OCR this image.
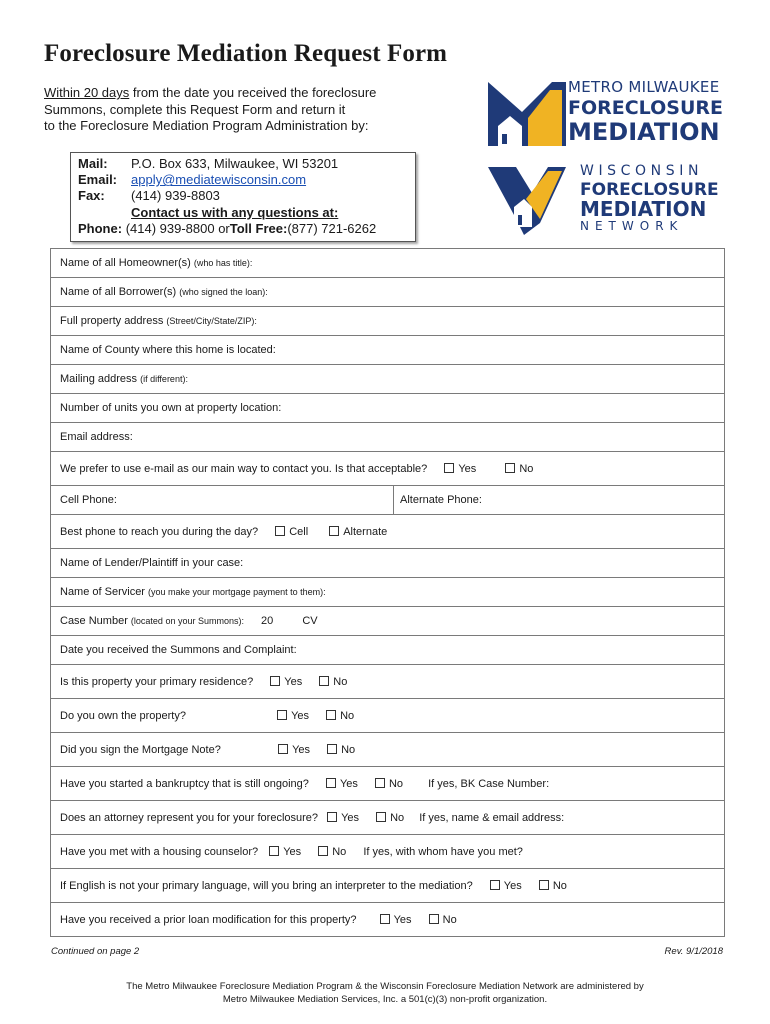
Foreclosure Mediation Request Form
Within 20 days from the date you received the foreclosure
Summons, complete this Request Form and return it
to the Foreclosure Mediation Program Administration by:
Mail:	P.O. Box 633, Milwaukee, WI 53201
Email:	apply@mediatewisconsin.com
Fax:	(414) 939-8803
Contact us with any questions at:
Phone:
(414) 939-8800 or Toll Free: (877) 721-6262
METRO MILWAUKEE
FORECLOSURE
MEDIATION
WISCONSIN
FORECLOSURE
MEDIATION
NETWORK
Name of all Homeowner(s) (who has title):
Name of all Borrower(s) (who signed the loan):
Full property address (Street/City/State/ZIP):
Name of County where this home is located:
Mailing address (if different):
Number of units you own at property location:
Email address:
We prefer to use e-mail as our main way to contact you. Is that acceptable?	Yes	No
Cell Phone:	Alternate Phone:
Best phone to reach you during the day?	Cell	Alternate
Name of Lender/Plaintiff in your case:
Name of Servicer (you make your mortgage payment to them):
Case Number (located on your Summons): 20	CV
Date you received the Summons and Complaint:
Is this property your primary residence?	Yes	No
Do you own the property?	Yes	No
Did you sign the Mortgage Note?	Yes	No
Have you started a bankruptcy that is still ongoing?	Yes	No If yes, BK Case Number:
Does an attorney represent you for your foreclosure? Yes	No If yes, name & email address:
Have you met with a housing counselor? Yes	No If yes, with whom have you met?
If English is not your primary language, will you bring an interpreter to the mediation?	Yes	No
Have you received a prior loan modification for this property?	Yes	No
Continued on page 2	Rev. 9/1/2018
The Metro Milwaukee Foreclosure Mediation Program & the Wisconsin Foreclosure Mediation Network are administered by
Metro Milwaukee Mediation Services, Inc. a 501(c)(3) non-profit organization.
